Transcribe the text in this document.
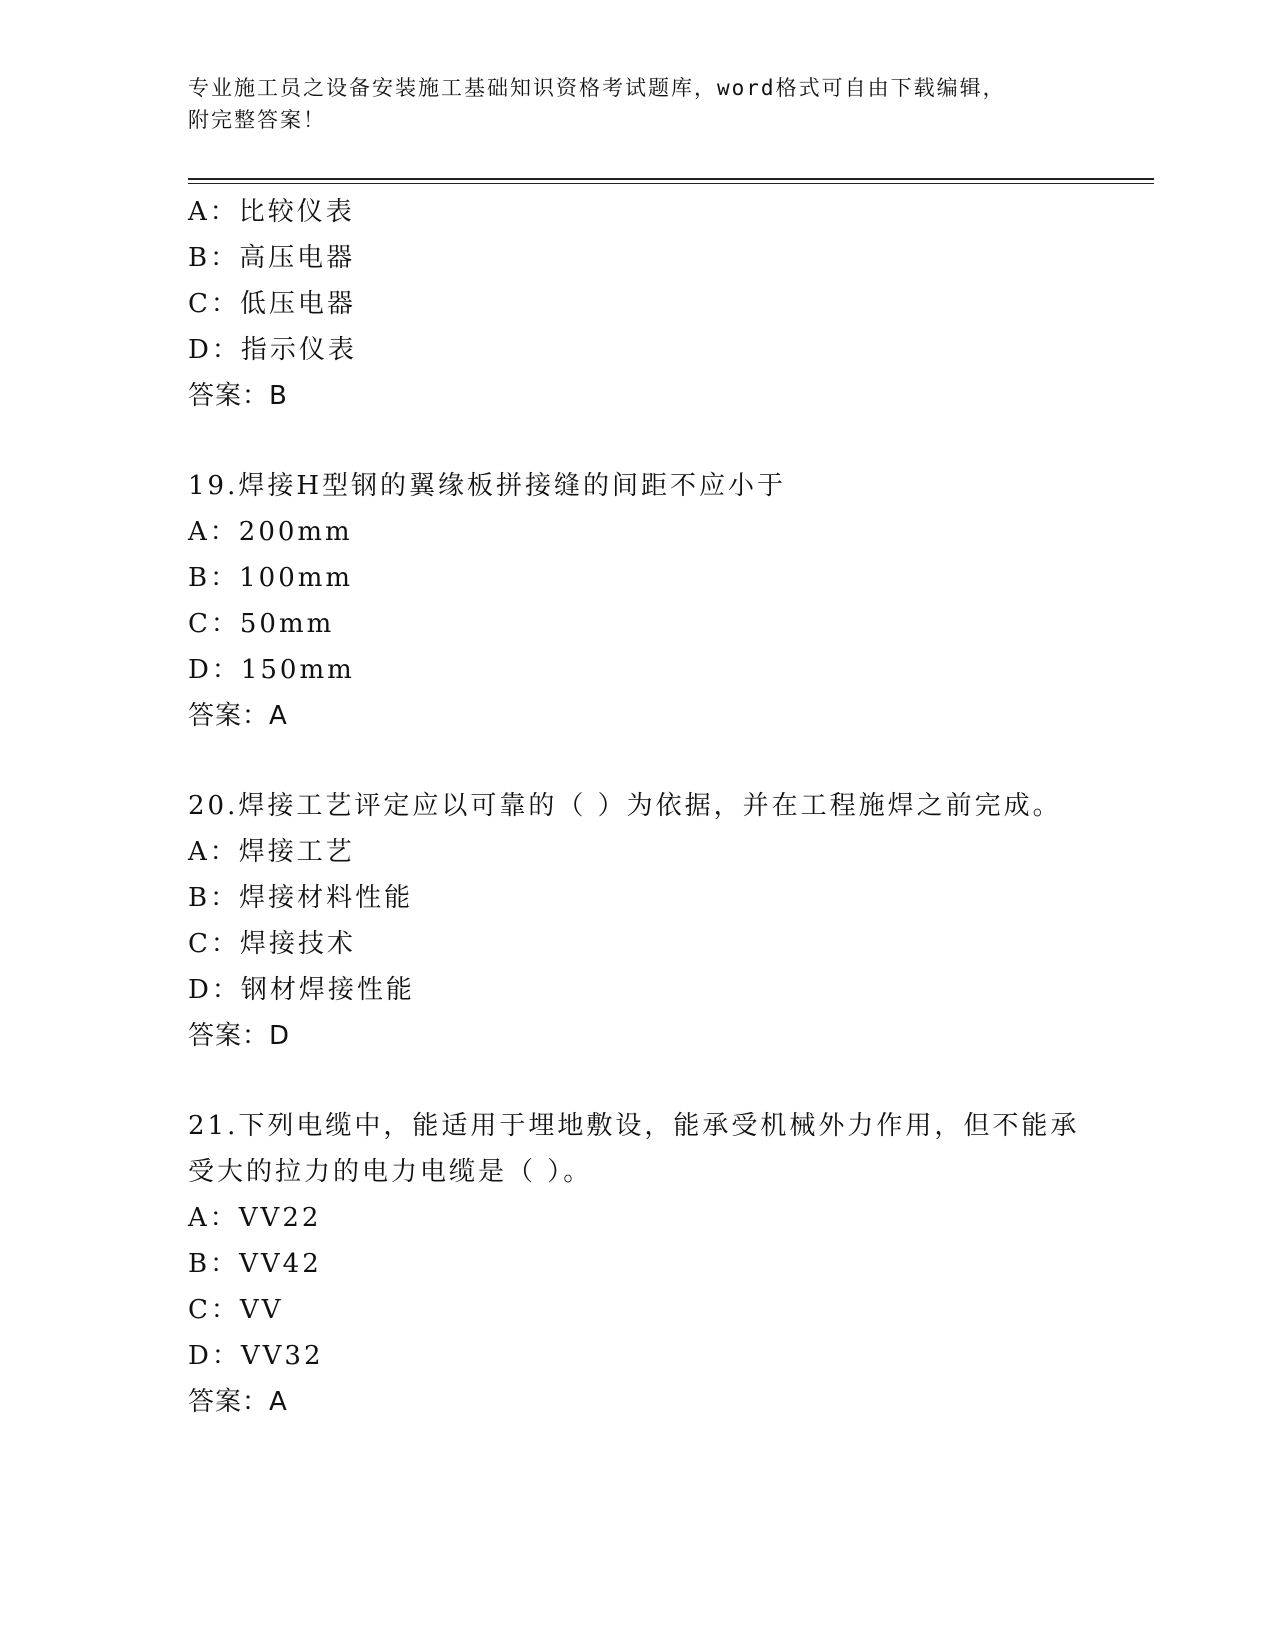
专业施工员之设备安装施工基础知识资格考试题库，word格式可自由下载编辑，
附完整答案！
A：比较仪表
B：高压电器
C：低压电器
D：指示仪表
答案：B
19.焊接H型钢的翼缘板拼接缝的间距不应小于
A：200mm
B：100mm
C：50mm
D：150mm
答案：A
20.焊接工艺评定应以可靠的（ ）为依据，并在工程施焊之前完成。
A：焊接工艺
B：焊接材料性能
C：焊接技术
D：钢材焊接性能
答案：D
21.下列电缆中，能适用于埋地敷设，能承受机械外力作用，但不能承
受大的拉力的电力电缆是（ ）。
A：VV22
B：VV42
C：VV
D：VV32
答案：A
